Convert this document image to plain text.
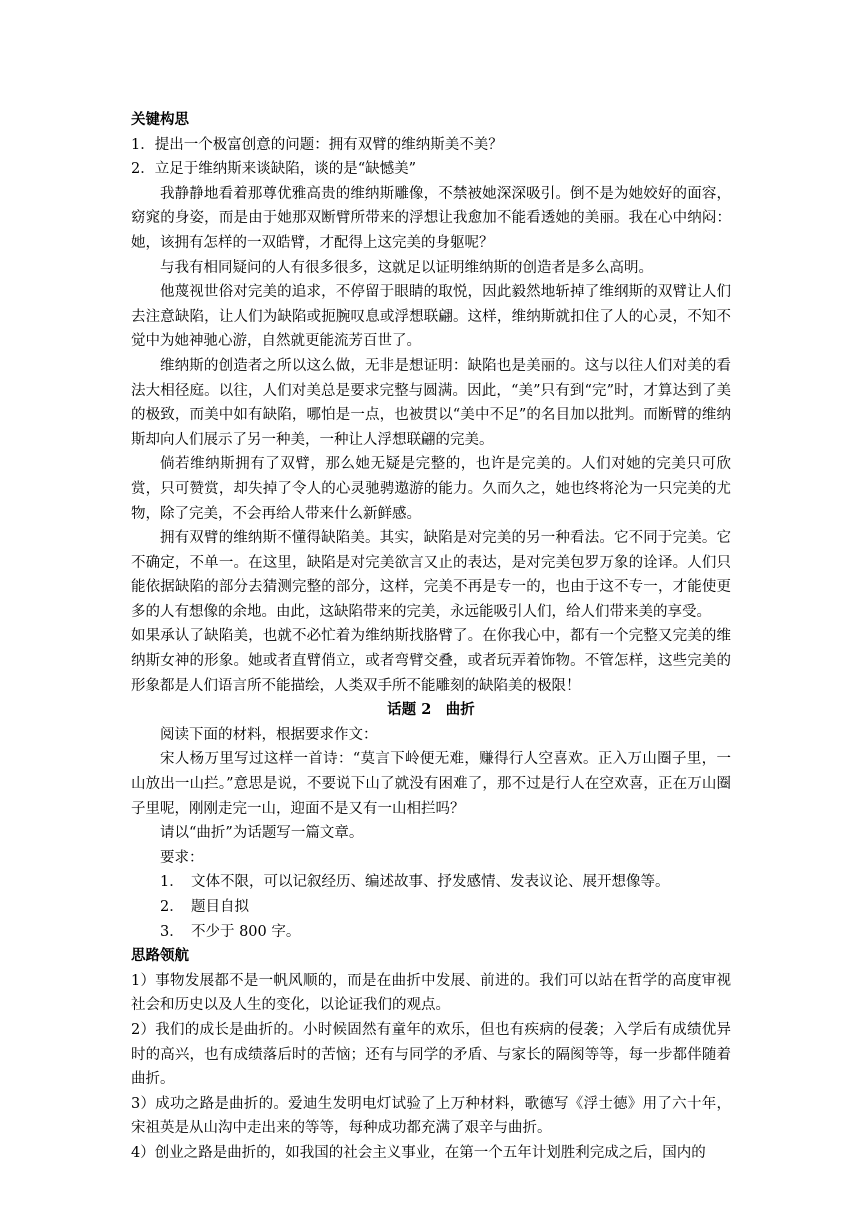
关键构思

1．提出一个极富创意的问题：拥有双臂的维纳斯美不美？

2．立足于维纳斯来谈缺陷，谈的是“缺憾美”

我静静地看着那尊优雅高贵的维纳斯雕像，不禁被她深深吸引。倒不是为她姣好的面容，窈窕的身姿，而是由于她那双断臂所带来的浮想让我愈加不能看透她的美丽。我在心中纳闷：她，该拥有怎样的一双皓臂，才配得上这完美的身躯呢？

与我有相同疑问的人有很多很多，这就足以证明维纳斯的创造者是多么高明。

他蔑视世俗对完美的追求，不停留于眼睛的取悦，因此毅然地斩掉了维纲斯的双臂让人们去注意缺陷，让人们为缺陷或扼腕叹息或浮想联翩。这样，维纳斯就扣住了人的心灵，不知不觉中为她神驰心游，自然就更能流芳百世了。

维纳斯的创造者之所以这么做，无非是想证明：缺陷也是美丽的。这与以往人们对美的看法大相径庭。以往，人们对美总是要求完整与圆满。因此，“美”只有到“完”时，才算达到了美的极致，而美中如有缺陷，哪怕是一点，也被贯以“美中不足”的名目加以批判。而断臂的维纳斯却向人们展示了另一种美，一种让人浮想联翩的完美。

倘若维纳斯拥有了双臂，那么她无疑是完整的，也许是完美的。人们对她的完美只可欣赏，只可赞赏，却失掉了令人的心灵驰骋遨游的能力。久而久之，她也终将沦为一只完美的尤物，除了完美，不会再给人带来什么新鲜感。

拥有双臂的维纳斯不懂得缺陷美。其实，缺陷是对完美的另一种看法。它不同于完美。它不确定，不单一。在这里，缺陷是对完美欲言又止的表达，是对完美包罗万象的诠译。人们只能依据缺陷的部分去猜测完整的部分，这样，完美不再是专一的，也由于这不专一，才能使更多的人有想像的余地。由此，这缺陷带来的完美，永远能吸引人们，给人们带来美的享受。

如果承认了缺陷美，也就不必忙着为维纳斯找胳臂了。在你我心中，都有一个完整又完美的维纳斯女神的形象。她或者直臂俏立，或者弯臂交叠，或者玩弄着饰物。不管怎样，这些完美的形象都是人们语言所不能描绘，人类双手所不能雕刻的缺陷美的极限！

话题 2　曲折

阅读下面的材料，根据要求作文：

宋人杨万里写过这样一首诗：“莫言下岭便无难，赚得行人空喜欢。正入万山圈子里，一山放出一山拦。”意思是说，不要说下山了就没有困难了，那不过是行人在空欢喜，正在万山圈子里呢，刚刚走完一山，迎面不是又有一山相拦吗？

请以“曲折”为话题写一篇文章。

要求：

1．　文体不限，可以记叙经历、编述故事、抒发感情、发表议论、展开想像等。

2．　题目自拟

3．　不少于 800 字。

思路领航

1）事物发展都不是一帆风顺的，而是在曲折中发展、前进的。我们可以站在哲学的高度审视社会和历史以及人生的变化，以论证我们的观点。

2）我们的成长是曲折的。小时候固然有童年的欢乐，但也有疾病的侵袭；入学后有成绩优异时的高兴，也有成绩落后时的苦恼；还有与同学的矛盾、与家长的隔阂等等，每一步都伴随着曲折。

3）成功之路是曲折的。爱迪生发明电灯试验了上万种材料，歌德写《浮士德》用了六十年，宋祖英是从山沟中走出来的等等，每种成功都充满了艰辛与曲折。

4）创业之路是曲折的，如我国的社会主义事业，在第一个五年计划胜利完成之后，国内的
